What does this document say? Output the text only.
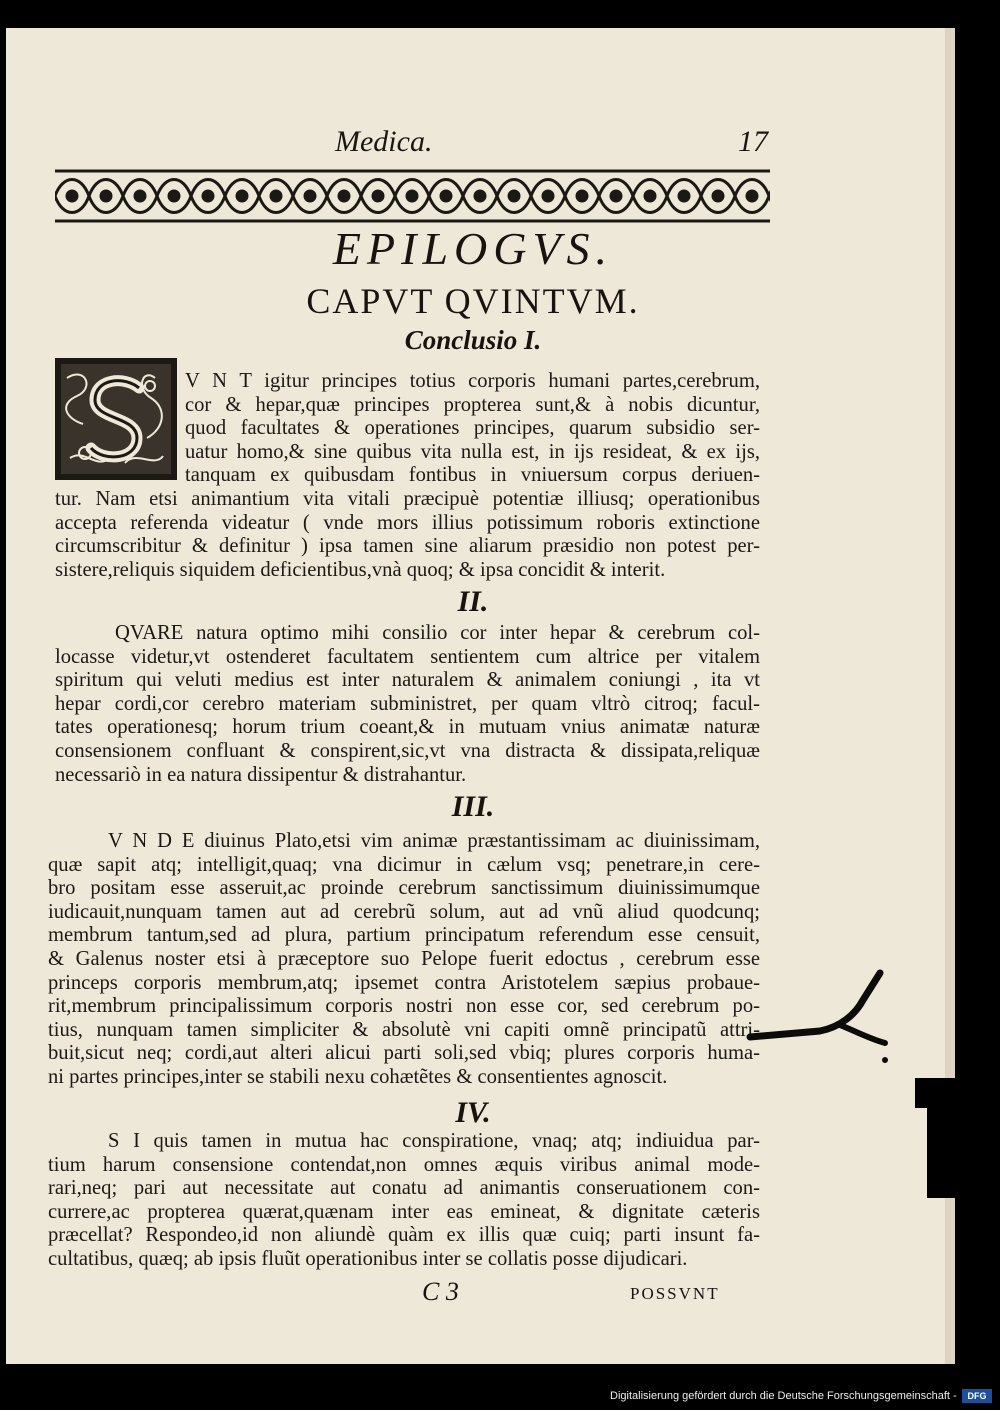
Medica.	17
EPILOGVS.
CAPVT QVINTVM.
Conclusio I.
V N T igitur principes totius corporis humani partes,cerebrum,
cor & hepar,quæ principes propterea sunt,& à nobis dicuntur,
quod facultates & operationes principes, quarum subsidio ser-
uatur homo,& sine quibus vita nulla est, in ijs resideat, & ex ijs,
tanquam ex quibusdam fontibus in vniuersum corpus deriuen-
tur. Nam etsi animantium vita vitali præcipuè potentiæ illiusq; operationibus
accepta referenda videatur ( vnde mors illius potissimum roboris extinctione
circumscribitur & definitur ) ipsa tamen sine aliarum præsidio non potest per-
sistere,reliquis siquidem deficientibus,vnà quoq; & ipsa concidit & interit.
II.
QVARE natura optimo mihi consilio cor inter hepar & cerebrum col-
locasse videtur,vt ostenderet facultatem sentientem cum altrice per vitalem
spiritum qui veluti medius est inter naturalem & animalem coniungi , ita vt
hepar cordi,cor cerebro materiam subministret, per quam vltrò citroq; facul-
tates operationesq; horum trium coeant,& in mutuam vnius animatæ naturæ
consensionem confluant & conspirent,sic,vt vna distracta & dissipata,reliquæ
necessariò in ea natura dissipentur & distrahantur.
III.
V N D E diuinus Plato,etsi vim animæ præstantissimam ac diuinissimam,
quæ sapit atq; intelligit,quaq; vna dicimur in cælum vsq; penetrare,in cere-
bro positam esse asseruit,ac proinde cerebrum sanctissimum diuinissimumque
iudicauit,nunquam tamen aut ad cerebrũ solum, aut ad vnũ aliud quodcunq;
membrum tantum,sed ad plura, partium principatum referendum esse censuit,
& Galenus noster etsi à præceptore suo Pelope fuerit edoctus , cerebrum esse
princeps corporis membrum,atq; ipsemet contra Aristotelem sæpius probaue-
rit,membrum principalissimum corporis nostri non esse cor, sed cerebrum po-
tius, nunquam tamen simpliciter & absolutè vni capiti omnẽ principatũ attri-
buit,sicut neq; cordi,aut alteri alicui parti soli,sed vbiq; plures corporis huma-
ni partes principes,inter se stabili nexu cohætẽtes & consentientes agnoscit.
IV.
S I quis tamen in mutua hac conspiratione, vnaq; atq; indiuidua par-
tium harum consensione contendat,non omnes æquis viribus animal mode-
rari,neq; pari aut necessitate aut conatu ad animantis conseruationem con-
currere,ac propterea quærat,quænam inter eas emineat, & dignitate cæteris
præcellat? Respondeo,id non aliundè quàm ex illis quæ cuiq; parti insunt fa-
cultatibus, quæq; ab ipsis fluũt operationibus inter se collatis posse dijudicari.
C 3	POSSVNT
Digitalisierung gefördert durch die Deutsche Forschungsgemeinschaft -	DFG
